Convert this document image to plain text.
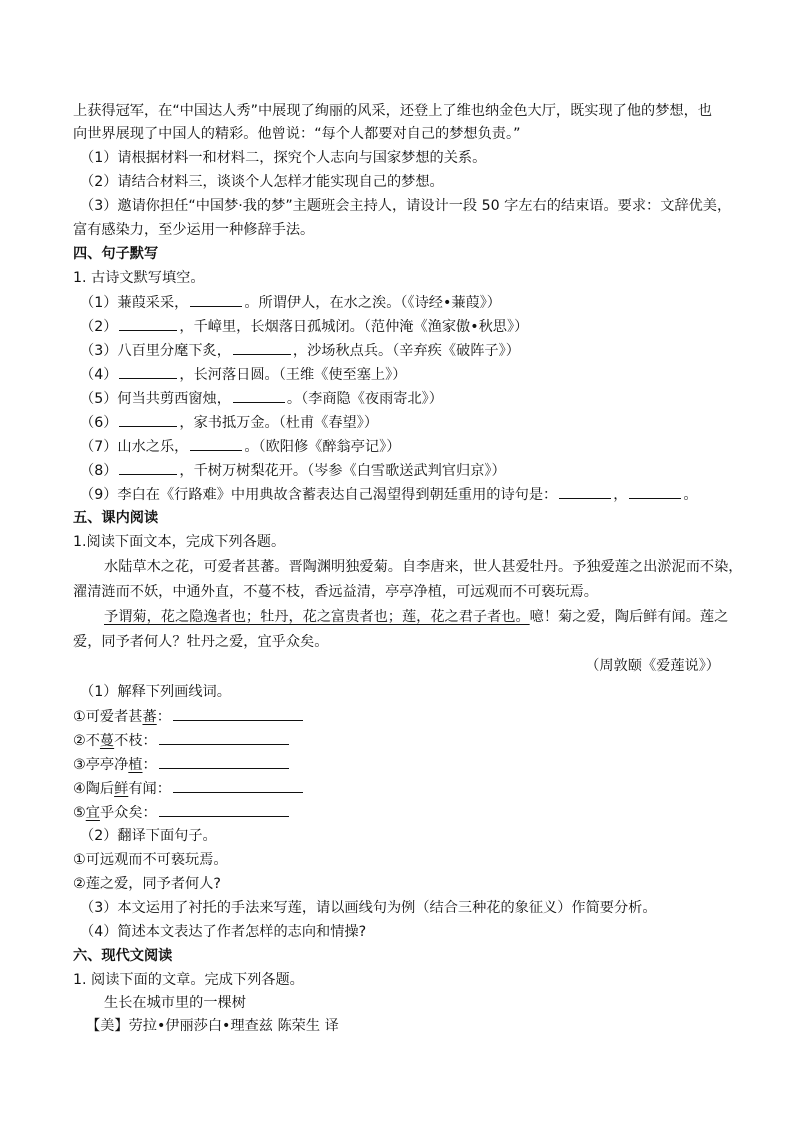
上获得冠军，在“中国达人秀”中展现了绚丽的风采，还登上了维也纳金色大厅，既实现了他的梦想，也
向世界展现了中国人的精彩。他曾说：“每个人都要对自己的梦想负责。”
（1）请根据材料一和材料二，探究个人志向与国家梦想的关系。
（2）请结合材料三，谈谈个人怎样才能实现自己的梦想。
（3）邀请你担任“中国梦·我的梦”主题班会主持人，请设计一段 50 字左右的结束语。要求：文辞优美，
富有感染力，至少运用一种修辞手法。
四、句子默写
1. 古诗文默写填空。
（1）蒹葭采采，	。所谓伊人，在水之涘。（《诗经•蒹葭》）
（2）	，千嶂里，长烟落日孤城闭。（范仲淹《渔家傲•秋思》）
（3）八百里分麾下炙，	，沙场秋点兵。（辛弃疾《破阵子》）
（4）	，长河落日圆。（王维《使至塞上》）
（5）何当共剪西窗烛，	。（李商隐《夜雨寄北》）
（6）	，家书抵万金。（杜甫《春望》）
（7）山水之乐，	。（欧阳修《醉翁亭记》）
（8）	，千树万树梨花开。（岑参《白雪歌送武判官归京》）
（9）李白在《行路难》中用典故含蓄表达自己渴望得到朝廷重用的诗句是：	，	。
五、课内阅读
1.阅读下面文本，完成下列各题。
水陆草木之花，可爱者甚蕃。晋陶渊明独爱菊。自李唐来，世人甚爱牡丹。予独爱莲之出淤泥而不染，
濯清涟而不妖，中通外直，不蔓不枝，香远益清，亭亭净植，可远观而不可亵玩焉。
予谓菊，花之隐逸者也；牡丹，花之富贵者也；莲，花之君子者也。噫！菊之爱，陶后鲜有闻。莲之
爱，同予者何人？牡丹之爱，宜乎众矣。
（周敦颐《爱莲说》）
（1）解释下列画线词。
①可爱者甚蕃：
②不蔓不枝：
③亭亭净植：
④陶后鲜有闻：
⑤宜乎众矣：
（2）翻译下面句子。
①可远观而不可亵玩焉。
②莲之爱，同予者何人?
（3）本文运用了衬托的手法来写莲，请以画线句为例（结合三种花的象征义）作简要分析。
（4）简述本文表达了作者怎样的志向和情操?
六、现代文阅读
1. 阅读下面的文章。完成下列各题。
生长在城市里的一棵树
【美】劳拉•伊丽莎白•理查兹 陈荣生 译
